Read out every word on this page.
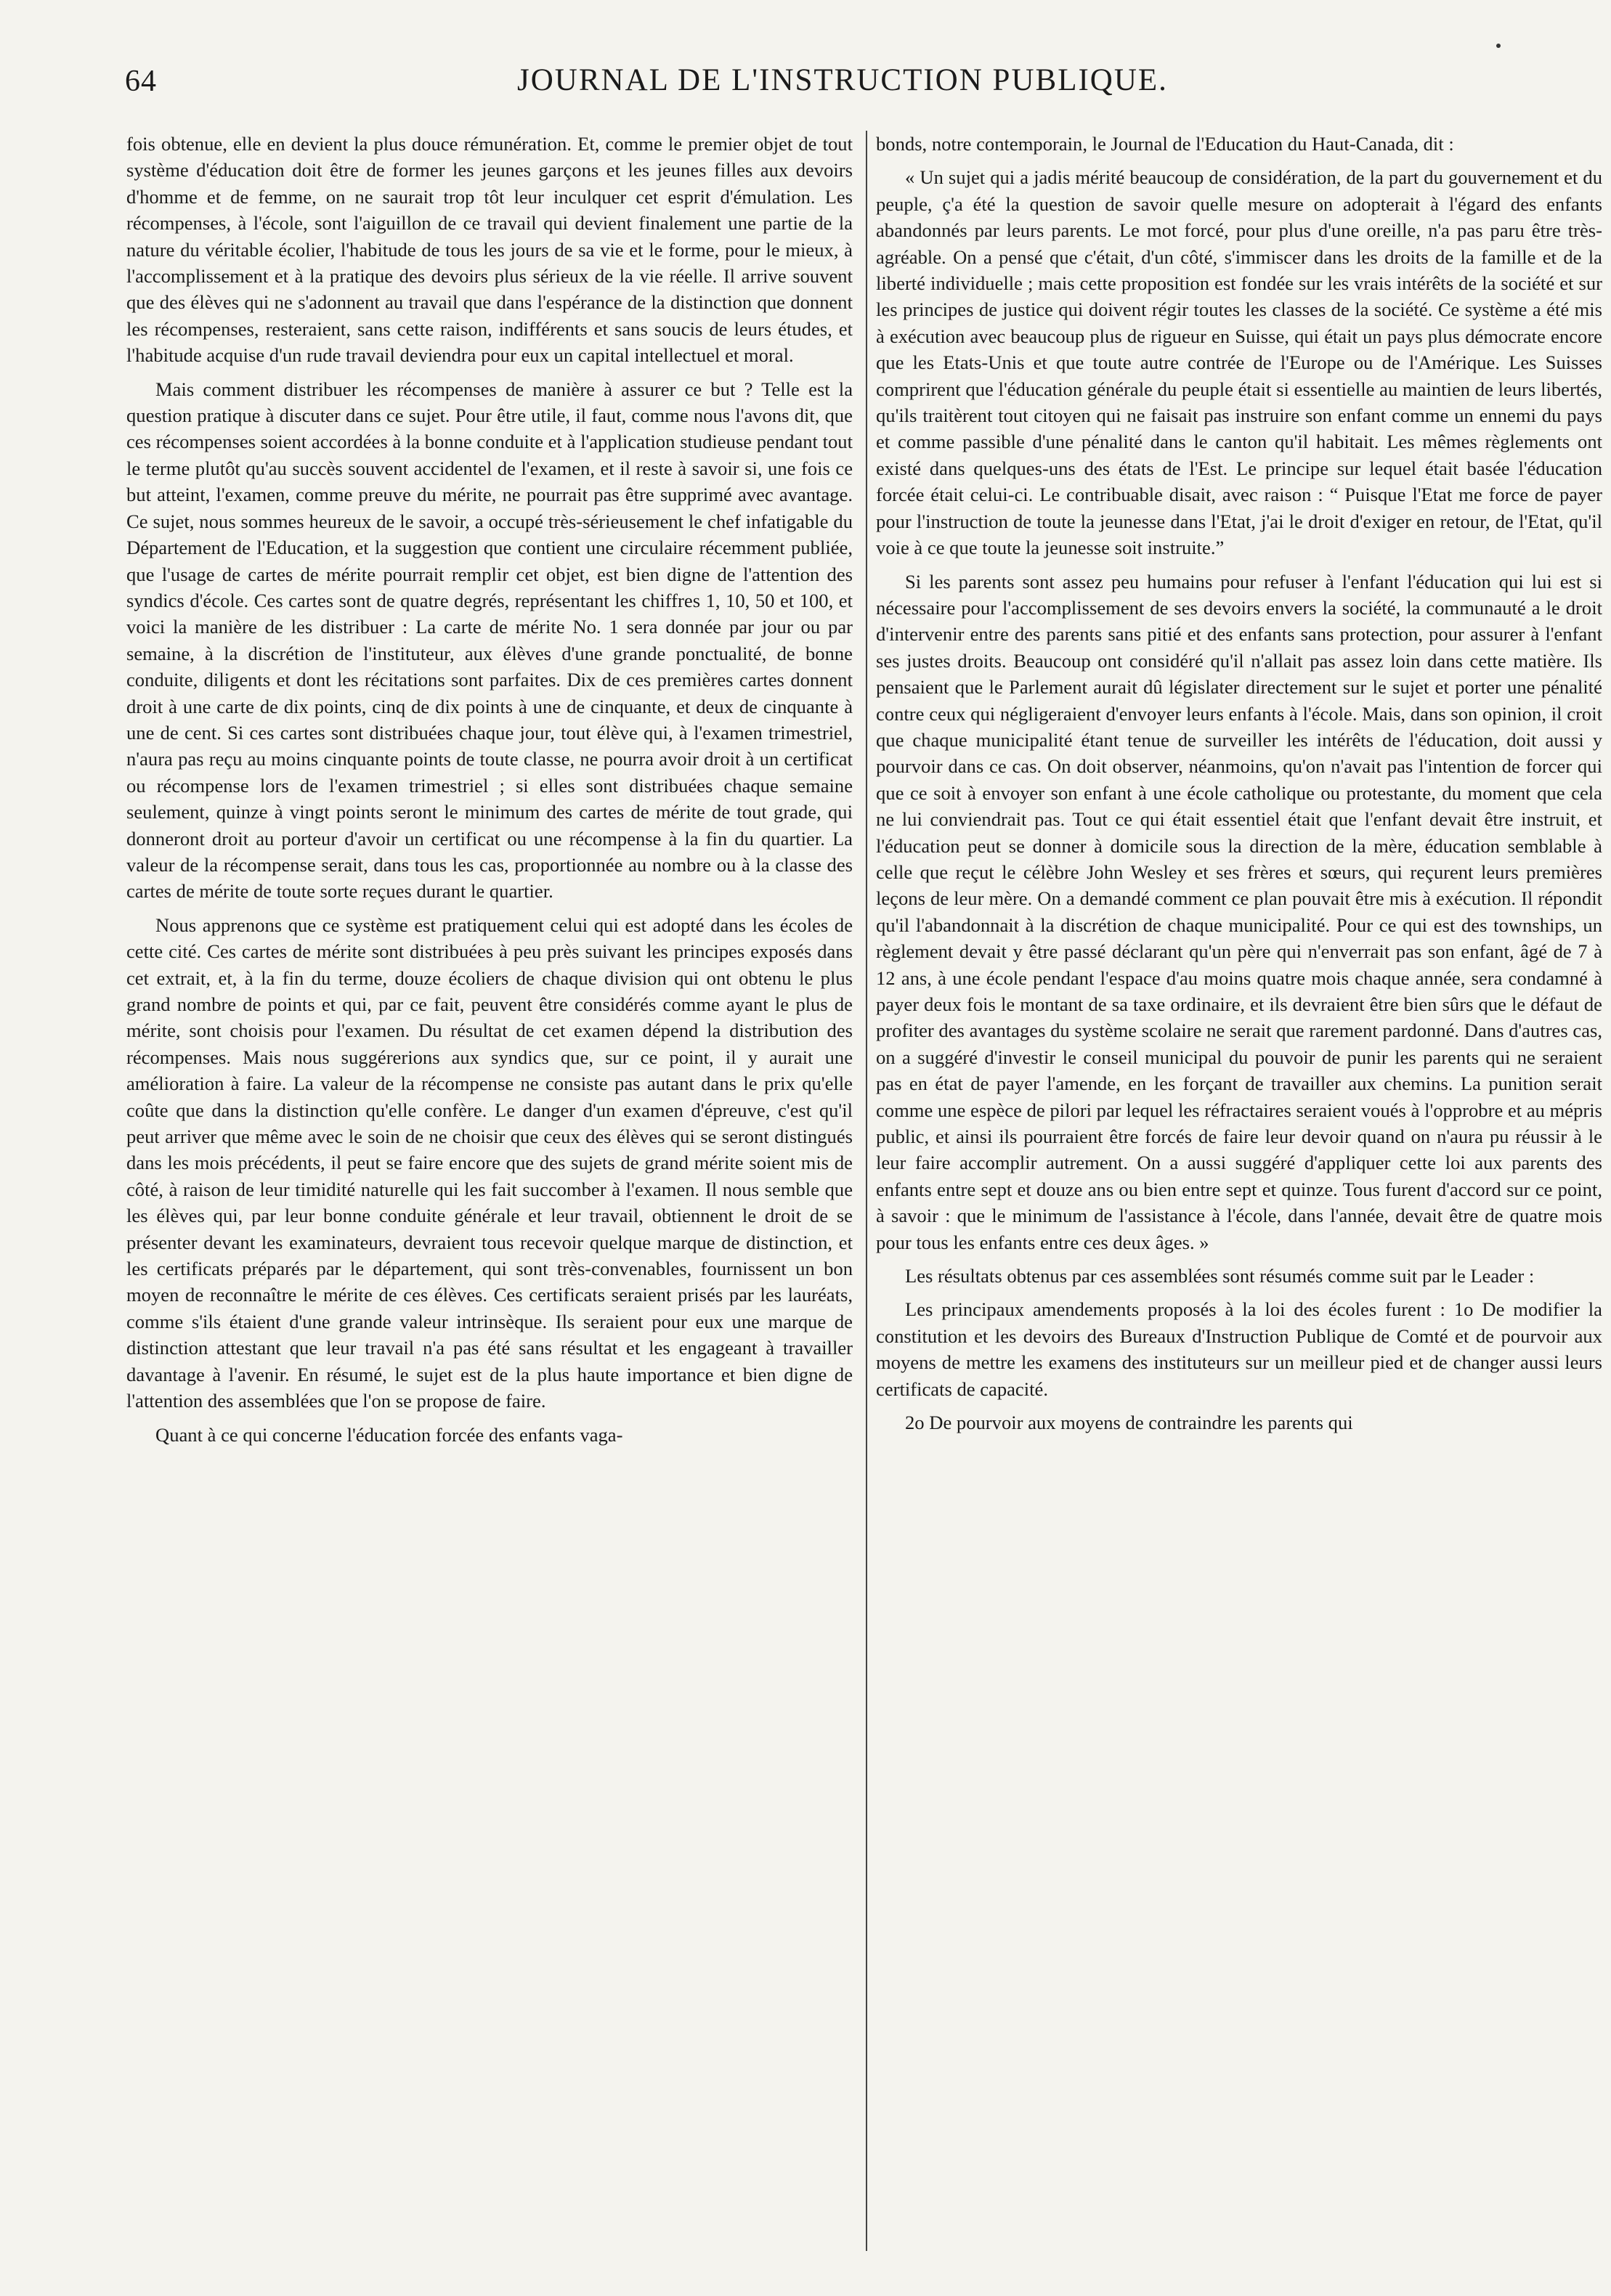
64	JOURNAL DE L'INSTRUCTION PUBLIQUE.

fois obtenue, elle en devient la plus douce rémunération. Et, comme le premier objet de tout système d'éducation doit être de former les jeunes garçons et les jeunes filles aux devoirs d'homme et de femme, on ne saurait trop tôt leur inculquer cet esprit d'émulation. Les récompenses, à l'école, sont l'aiguillon de ce travail qui devient finalement une partie de la nature du véritable écolier, l'habitude de tous les jours de sa vie et le forme, pour le mieux, à l'accomplissement et à la pratique des devoirs plus sérieux de la vie réelle. Il arrive souvent que des élèves qui ne s'adonnent au travail que dans l'espérance de la distinction que donnent les récompenses, resteraient, sans cette raison, indifférents et sans soucis de leurs études, et l'habitude acquise d'un rude travail deviendra pour eux un capital intellectuel et moral.

Mais comment distribuer les récompenses de manière à assurer ce but ? Telle est la question pratique à discuter dans ce sujet. Pour être utile, il faut, comme nous l'avons dit, que ces récompenses soient accordées à la bonne conduite et à l'application studieuse pendant tout le terme plutôt qu'au succès souvent accidentel de l'examen, et il reste à savoir si, une fois ce but atteint, l'examen, comme preuve du mérite, ne pourrait pas être supprimé avec avantage. Ce sujet, nous sommes heureux de le savoir, a occupé très-sérieusement le chef infatigable du Département de l'Education, et la suggestion que contient une circulaire récemment publiée, que l'usage de cartes de mérite pourrait remplir cet objet, est bien digne de l'attention des syndics d'école. Ces cartes sont de quatre degrés, représentant les chiffres 1, 10, 50 et 100, et voici la manière de les distribuer : La carte de mérite No. 1 sera donnée par jour ou par semaine, à la discrétion de l'instituteur, aux élèves d'une grande ponctualité, de bonne conduite, diligents et dont les récitations sont parfaites. Dix de ces premières cartes donnent droit à une carte de dix points, cinq de dix points à une de cinquante, et deux de cinquante à une de cent. Si ces cartes sont distribuées chaque jour, tout élève qui, à l'examen trimestriel, n'aura pas reçu au moins cinquante points de toute classe, ne pourra avoir droit à un certificat ou récompense lors de l'examen trimestriel ; si elles sont distribuées chaque semaine seulement, quinze à vingt points seront le minimum des cartes de mérite de tout grade, qui donneront droit au porteur d'avoir un certificat ou une récompense à la fin du quartier. La valeur de la récompense serait, dans tous les cas, proportionnée au nombre ou à la classe des cartes de mérite de toute sorte reçues durant le quartier.

Nous apprenons que ce système est pratiquement celui qui est adopté dans les écoles de cette cité. Ces cartes de mérite sont distribuées à peu près suivant les principes exposés dans cet extrait, et, à la fin du terme, douze écoliers de chaque division qui ont obtenu le plus grand nombre de points et qui, par ce fait, peuvent être considérés comme ayant le plus de mérite, sont choisis pour l'examen. Du résultat de cet examen dépend la distribution des récompenses. Mais nous suggérerions aux syndics que, sur ce point, il y aurait une amélioration à faire. La valeur de la récompense ne consiste pas autant dans le prix qu'elle coûte que dans la distinction qu'elle confère. Le danger d'un examen d'épreuve, c'est qu'il peut arriver que même avec le soin de ne choisir que ceux des élèves qui se seront distingués dans les mois précédents, il peut se faire encore que des sujets de grand mérite soient mis de côté, à raison de leur timidité naturelle qui les fait succomber à l'examen. Il nous semble que les élèves qui, par leur bonne conduite générale et leur travail, obtiennent le droit de se présenter devant les examinateurs, devraient tous recevoir quelque marque de distinction, et les certificats préparés par le département, qui sont très-convenables, fournissent un bon moyen de reconnaître le mérite de ces élèves. Ces certificats seraient prisés par les lauréats, comme s'ils étaient d'une grande valeur intrinsèque. Ils seraient pour eux une marque de distinction attestant que leur travail n'a pas été sans résultat et les engageant à travailler davantage à l'avenir. En résumé, le sujet est de la plus haute importance et bien digne de l'attention des assemblées que l'on se propose de faire.

Quant à ce qui concerne l'éducation forcée des enfants vaga-

bonds, notre contemporain, le Journal de l'Education du Haut-Canada, dit :

« Un sujet qui a jadis mérité beaucoup de considération, de la part du gouvernement et du peuple, ç'a été la question de savoir quelle mesure on adopterait à l'égard des enfants abandonnés par leurs parents. Le mot forcé, pour plus d'une oreille, n'a pas paru être très-agréable. On a pensé que c'était, d'un côté, s'immiscer dans les droits de la famille et de la liberté individuelle ; mais cette proposition est fondée sur les vrais intérêts de la société et sur les principes de justice qui doivent régir toutes les classes de la société. Ce système a été mis à exécution avec beaucoup plus de rigueur en Suisse, qui était un pays plus démocrate encore que les Etats-Unis et que toute autre contrée de l'Europe ou de l'Amérique. Les Suisses comprirent que l'éducation générale du peuple était si essentielle au maintien de leurs libertés, qu'ils traitèrent tout citoyen qui ne faisait pas instruire son enfant comme un ennemi du pays et comme passible d'une pénalité dans le canton qu'il habitait. Les mêmes règlements ont existé dans quelques-uns des états de l'Est. Le principe sur lequel était basée l'éducation forcée était celui-ci. Le contribuable disait, avec raison : “ Puisque l'Etat me force de payer pour l'instruction de toute la jeunesse dans l'Etat, j'ai le droit d'exiger en retour, de l'Etat, qu'il voie à ce que toute la jeunesse soit instruite.”

Si les parents sont assez peu humains pour refuser à l'enfant l'éducation qui lui est si nécessaire pour l'accomplissement de ses devoirs envers la société, la communauté a le droit d'intervenir entre des parents sans pitié et des enfants sans protection, pour assurer à l'enfant ses justes droits. Beaucoup ont considéré qu'il n'allait pas assez loin dans cette matière. Ils pensaient que le Parlement aurait dû législater directement sur le sujet et porter une pénalité contre ceux qui négligeraient d'envoyer leurs enfants à l'école. Mais, dans son opinion, il croit que chaque municipalité étant tenue de surveiller les intérêts de l'éducation, doit aussi y pourvoir dans ce cas. On doit observer, néanmoins, qu'on n'avait pas l'intention de forcer qui que ce soit à envoyer son enfant à une école catholique ou protestante, du moment que cela ne lui conviendrait pas. Tout ce qui était essentiel était que l'enfant devait être instruit, et l'éducation peut se donner à domicile sous la direction de la mère, éducation semblable à celle que reçut le célèbre John Wesley et ses frères et sœurs, qui reçurent leurs premières leçons de leur mère. On a demandé comment ce plan pouvait être mis à exécution. Il répondit qu'il l'abandonnait à la discrétion de chaque municipalité. Pour ce qui est des townships, un règlement devait y être passé déclarant qu'un père qui n'enverrait pas son enfant, âgé de 7 à 12 ans, à une école pendant l'espace d'au moins quatre mois chaque année, sera condamné à payer deux fois le montant de sa taxe ordinaire, et ils devraient être bien sûrs que le défaut de profiter des avantages du système scolaire ne serait que rarement pardonné. Dans d'autres cas, on a suggéré d'investir le conseil municipal du pouvoir de punir les parents qui ne seraient pas en état de payer l'amende, en les forçant de travailler aux chemins. La punition serait comme une espèce de pilori par lequel les réfractaires seraient voués à l'opprobre et au mépris public, et ainsi ils pourraient être forcés de faire leur devoir quand on n'aura pu réussir à le leur faire accomplir autrement. On a aussi suggéré d'appliquer cette loi aux parents des enfants entre sept et douze ans ou bien entre sept et quinze. Tous furent d'accord sur ce point, à savoir : que le minimum de l'assistance à l'école, dans l'année, devait être de quatre mois pour tous les enfants entre ces deux âges. »

Les résultats obtenus par ces assemblées sont résumés comme suit par le Leader :

Les principaux amendements proposés à la loi des écoles furent : 1o De modifier la constitution et les devoirs des Bureaux d'Instruction Publique de Comté et de pourvoir aux moyens de mettre les examens des instituteurs sur un meilleur pied et de changer aussi leurs certificats de capacité.

2o De pourvoir aux moyens de contraindre les parents qui
